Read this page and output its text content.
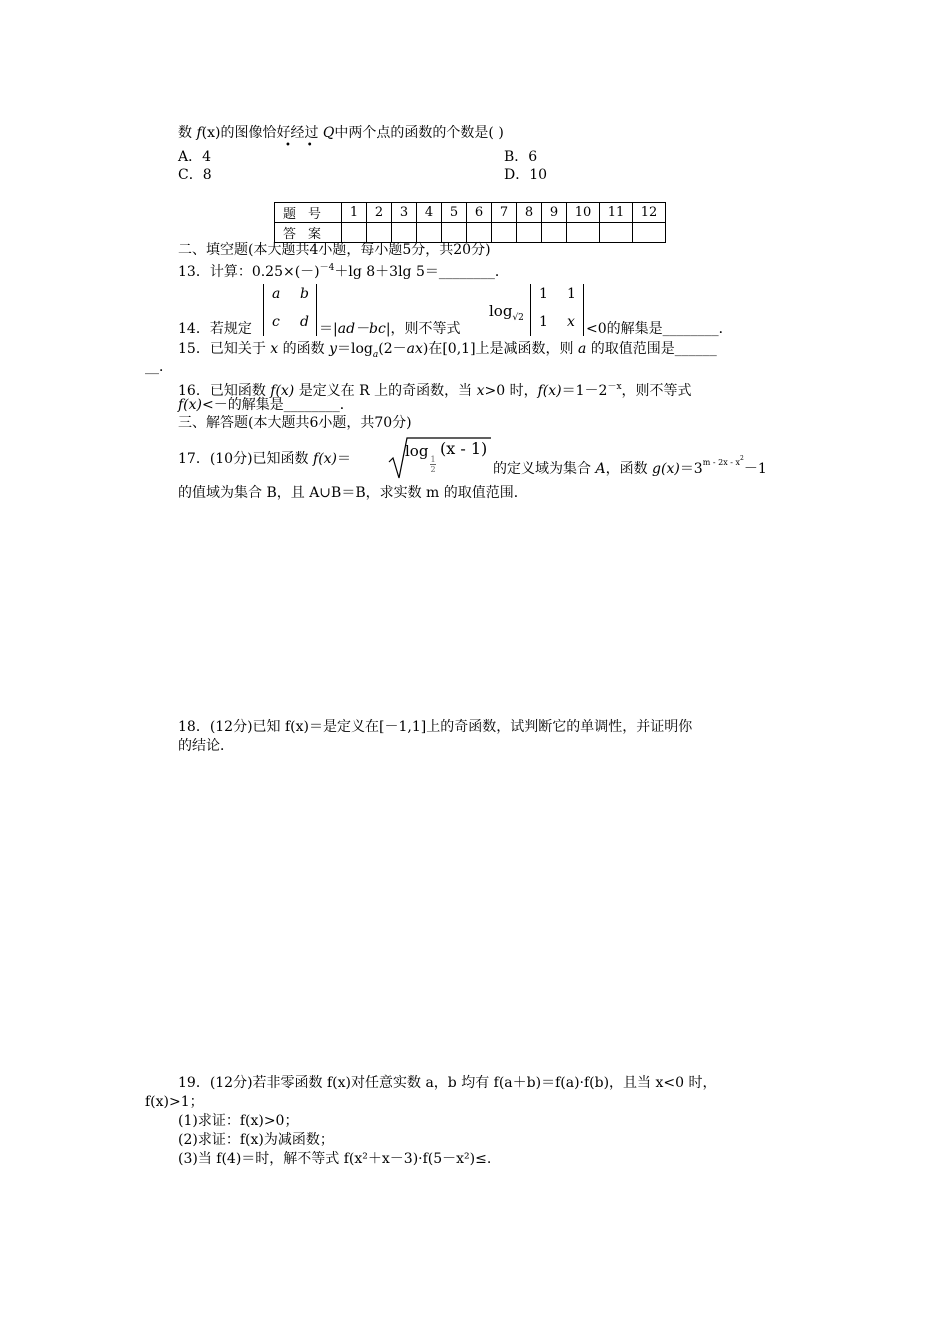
数 f(x)的图像恰好经过 Q中两个点的函数的个数是( )
•     •
A．4	B．6
C．8	D．10
题号	1	2	3	4	5	6	7	8	9	10	11	12
答案												
二、填空题(本大题共4小题，每小题5分，共20分)
13．计算：$0.25\times(-)^{-4}+\lg$ 8＋3lg 5＝________．
14．若规定
a b
c d ＝|ad－bc|，则不等式
$\log_{√2}$
1 1
1 x <0的解集是________．
15．已知关于 x 的函数 $y=\log_a(2-ax)$在[0,1]上是减函数，则 a 的取值范围是______
__．
16．已知函数 f(x) 是定义在 R 上的奇函数，当 x>0 时，$f(x)=1-2^{-x}$，则不等式
f(x)<－的解集是________．
三、解答题(本大题共6小题，共70分)
17．(10分)已知函数 f(x)＝	log
$\frac{1}{2}$
(x - 1)
的定义域为集合 A，函数 $g(x)=3^{m - 2x - x2}-1$
的值域为集合 B，且 A∪B＝B，求实数 m 的取值范围．
18．(12分)已知 f(x)＝是定义在[－1,1]上的奇函数，试判断它的单调性，并证明你
的结论．
19．(12分)若非零函数 f(x)对任意实数 a，b 均有 f(a＋b)＝f(a)·f(b)，且当 x<0 时，
f(x)>1；
(1)求证：f(x)>0；
(2)求证：f(x)为减函数；
(3)当 f(4)＝时，解不等式 f(x²＋x－3)·f(5－x²)≤.
